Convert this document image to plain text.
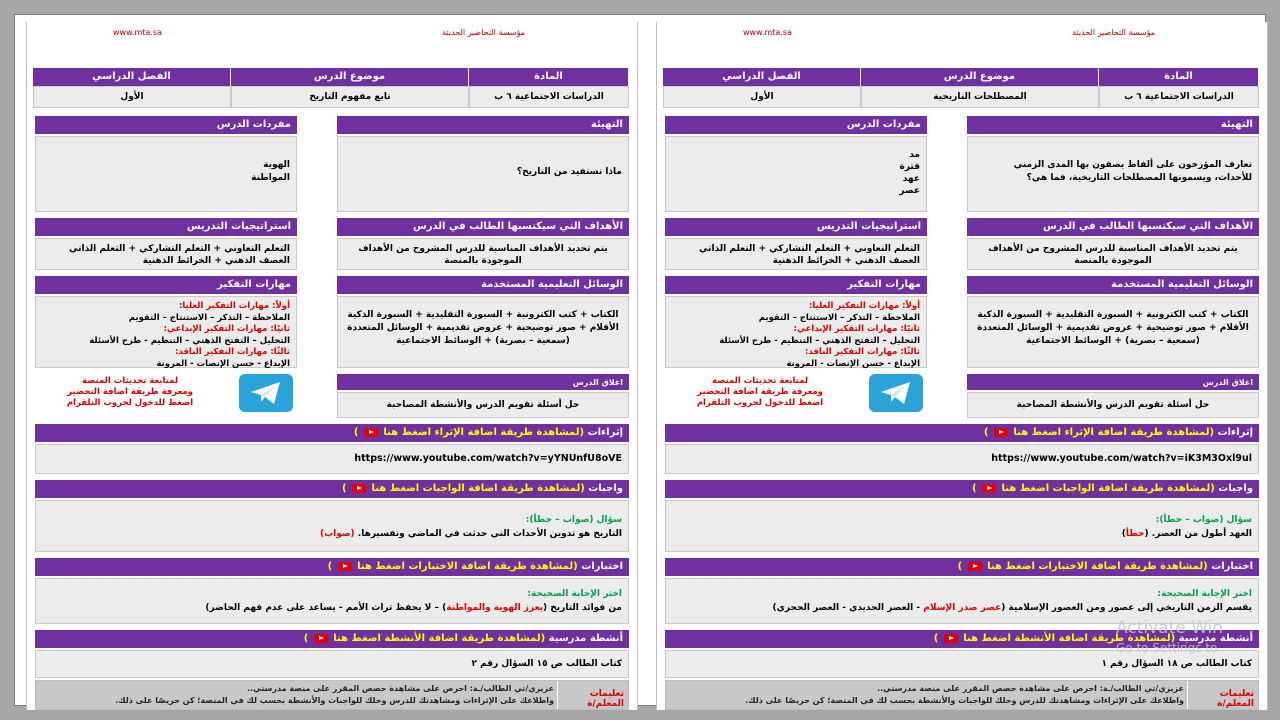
www.mta.sa	مؤسسة التحاضير الحديثة
المادة
الدراسات الاجتماعية ٦ ب
موضوع الدرس
تابع مفهوم التاريخ
الفصل الدراسي
الأول
التهيئة
ماذا نستفيد من التاريخ؟
مفردات الدرس
الهوية
المواطنة
الأهداف التي سيكتسبها الطالب في الدرس
يتم تحديد الأهداف المناسبة للدرس المشروح من الأهداف الموجودة بالمنصة
استراتيجيات التدريس
التعلم التعاوني + التعلم التشاركي + التعلم الذاتي العصف الذهني + الخرائط الذهنية
الوسائل التعليمية المستخدمة
الكتاب + كتب الكترونية + السبورة التقليدية + السبورة الذكية الأقلام + صور توضيحية + عروض تقديمية + الوسائل المتعددة (سمعية – بصرية) + الوسائط الاجتماعية
مهارات التفكير
أولاً: مهارات التفكير العليا:
الملاحظة – التذكر – الاستنتاج – التقويم
ثانيًا: مهارات التفكير الإبداعي:
التحليل – التفتح الذهني – التنظيم - طرح الأسئلة
ثالثًا: مهارات التفكير الناقد:
الإبداع - حسن الإنصات - المرونة
اغلاق الدرس
حل أسئلة تقويم الدرس والأنشطة المصاحبة
لمتابعة تحديثات المنصة
ومعرفة طريقة اضافة التحضير
اضغط للدخول لجروب التلقرام
إثراءات (لمشاهدة طريقة اضافة الإثراء اضغط هنا  )
https://www.youtube.com/watch?v=yYNUnfU8oVE
واجبات (لمشاهدة طريقة اضافة الواجبات اضغط هنا  )
سؤال (صواب – خطأ):
التاريخ هو تدوين الأحداث التي حدثت في الماضي وتفسيرها. (صواب)
اختبارات (لمشاهدة طريقة اضافة الاختبارات اضغط هنا  )
اختر الإجابة الصحيحة:
من فوائد التاريخ (يعزز الهوية والمواطنة) – لا يحفظ تراث الأمم - يساعد على عدم فهم الحاضر)
أنشطة مدرسية (لمشاهدة طريقة اضافة الأنشطة اضغط هنا  )
كتاب الطالب ص ١٥ السؤال رقم ٢
تعليمات المعلم/ة
عزيزي/تي الطالب/ـة: احرص على مشاهدة حصص المقرر على منصة مدرستي..
واطلاعك على الإثراءات ومشاهدتك للدرس وحلك للواجبات والأنشطة بحسب لك في المنصة؛ كن حريصًا على ذلك.
www.mta.sa	مؤسسة التحاضير الحديثة
المادة
الدراسات الاجتماعية ٦ ب
موضوع الدرس
المصطلحات التاريخية
الفصل الدراسي
الأول
التهيئة
تعارف المؤرخون على ألفاظ يصفون بها المدى الزمني للأحداث، ويسمونها المصطلحات التاريخية، فما هي؟
مفردات الدرس
مد
قترة
عهد
عصر
الأهداف التي سيكتسبها الطالب في الدرس
يتم تحديد الأهداف المناسبة للدرس المشروح من الأهداف الموجودة بالمنصة
استراتيجيات التدريس
التعلم التعاوني + التعلم التشاركي + التعلم الذاتي العصف الذهني + الخرائط الذهنية
الوسائل التعليمية المستخدمة
الكتاب + كتب الكترونية + السبورة التقليدية + السبورة الذكية الأقلام + صور توضيحية + عروض تقديمية + الوسائل المتعددة (سمعية – بصرية) + الوسائط الاجتماعية
مهارات التفكير
أولاً: مهارات التفكير العليا:
الملاحظة – التذكر – الاستنتاج – التقويم
ثانيًا: مهارات التفكير الإبداعي:
التحليل – التفتح الذهني – التنظيم - طرح الأسئلة
ثالثًا: مهارات التفكير الناقد:
الإبداع - حسن الإنصات - المرونة
اغلاق الدرس
حل أسئلة تقويم الدرس والأنشطة المصاحبة
لمتابعة تحديثات المنصة
ومعرفة طريقة اضافة التحضير
اضغط للدخول لجروب التلقرام
إثراءات (لمشاهدة طريقة اضافة الإثراء اضغط هنا  )
https://www.youtube.com/watch?v=iK3M3Oxl9ul
واجبات (لمشاهدة طريقة اضافة الواجبات اضغط هنا  )
سؤال (صواب – خطأ):
العهد أطول من العصر. (خطأ)
اختبارات (لمشاهدة طريقة اضافة الاختبارات اضغط هنا  )
اختر الإجابة الصحيحة:
يقسم الزمن التاريخي إلى عصور ومن العصور الإسلامية (عصر صدر الإسلام - العصر الحديدي - العصر الحجري)
أنشطة مدرسية (لمشاهدة طريقة اضافة الأنشطة اضغط هنا  )
كتاب الطالب ص ١٨ السؤال رقم ١
تعليمات المعلم/ة
عزيزي/تي الطالب/ـة: احرص على مشاهدة حصص المقرر على منصة مدرستي..
واطلاعك على الإثراءات ومشاهدتك للدرس وحلك للواجبات والأنشطة بحسب لك في المنصة؛ كن حريصًا على ذلك.
Activate Win
Go to Settings to
